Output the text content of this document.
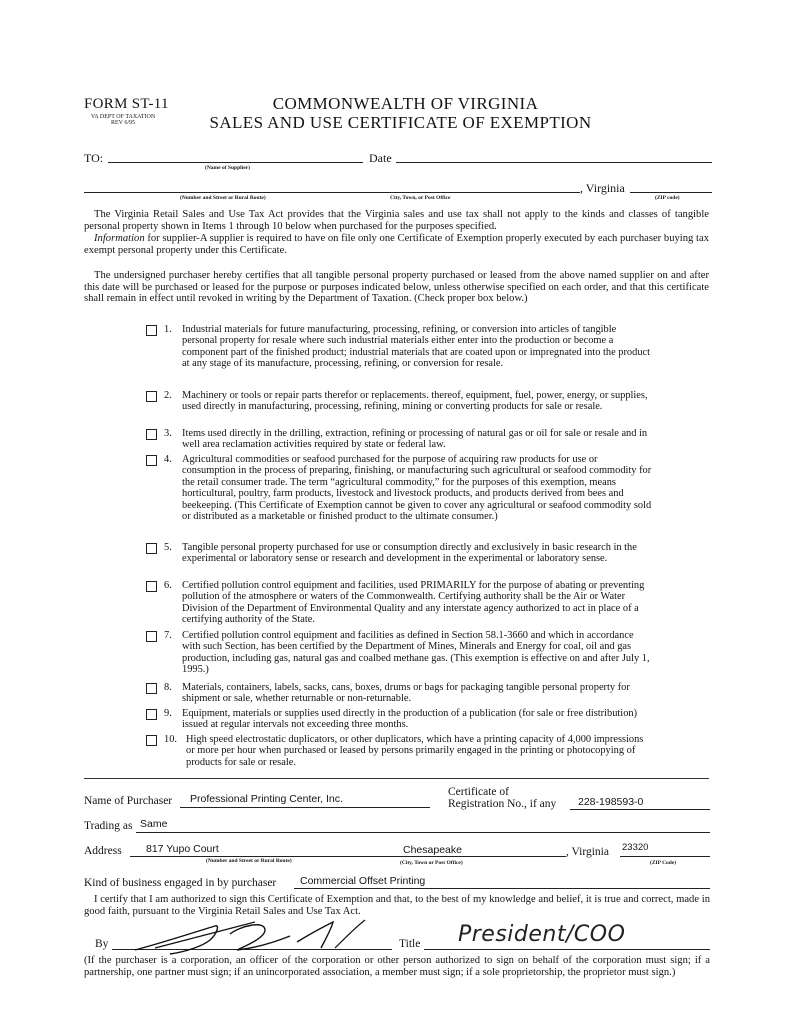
FORM ST-11
VA DEPT OF TAXATION
REV 6/95
COMMONWEALTH OF VIRGINIA
SALES AND USE CERTIFICATE OF EXEMPTION
TO:
(Name of Supplier)
Date
(Number and Street or Rural Route)	City, Town, or Post Office
, Virginia
(ZIP code)
The Virginia Retail Sales and Use Tax Act provides that the Virginia sales and use tax shall not apply to the kinds and classes of tangible personal property shown in Items 1 through 10 below when purchased for the purposes specified.
Information for supplier-A supplier is required to have on file only one Certificate of Exemption properly executed by each purchaser buying tax exempt personal property under this Certificate.
The undersigned purchaser hereby certifies that all tangible personal property purchased or leased from the above named supplier on and after this date will be purchased or leased for the purpose or purposes indicated below, unless otherwise specified on each order, and that this certificate shall remain in effect until revoked in writing by the Department of Taxation. (Check proper box below.)
1. Industrial materials for future manufacturing, processing, refining, or conversion into articles of tangible personal property for resale where such industrial materials either enter into the production or become a component part of the finished product; industrial materials that are coated upon or impregnated into the product at any stage of its manufacture, processing, refining, or conversion for resale.
2. Machinery or tools or repair parts therefor or replacements. thereof, equipment, fuel, power, energy, or supplies, used directly in manufacturing, processing, refining, mining or converting products for sale or resale.
3. Items used directly in the drilling, extraction, refining or processing of natural gas or oil for sale or resale and in well area reclamation activities required by state or federal law.
4. Agricultural commodities or seafood purchased for the purpose of acquiring raw products for use or consumption in the process of preparing, finishing, or manufacturing such agricultural or seafood commodity for the retail consumer trade. The term “agricultural commodity,” for the purposes of this exemption, means horticultural, poultry, farm products, livestock and livestock products, and products derived from bees and beekeeping. (This Certificate of Exemption cannot be given to cover any agricultural or seafood commodity sold or distributed as a marketable or finished product to the ultimate consumer.)
5. Tangible personal property purchased for use or consumption directly and exclusively in basic research in the experimental or laboratory sense or research and development in the experimental or laboratory sense.
6. Certified pollution control equipment and facilities, used PRIMARILY for the purpose of abating or preventing pollution of the atmosphere or waters of the Commonwealth. Certifying authority shall be the Air or Water Division of the Department of Environmental Quality and any interstate agency authorized to act in place of a certifying authority of the State.
7. Certified pollution control equipment and facilities as defined in Section 58.1-3660 and which in accordance with such Section, has been certified by the Department of Mines, Minerals and Energy for coal, oil and gas production, including gas, natural gas and coalbed methane gas. (This exemption is effective on and after July 1, 1995.)
8. Materials, containers, labels, sacks, cans, boxes, drums or bags for packaging tangible personal property for shipment or sale, whether returnable or non-returnable.
9. Equipment, materials or supplies used directly in the production of a publication (for sale or free distribution) issued at regular intervals not exceeding three months.
10. High speed electrostatic duplicators, or other duplicators, which have a printing capacity of 4,000 impressions or more per hour when purchased or leased by persons primarily engaged in the printing or photocopying of products for sale or resale.
Name of Purchaser Professional Printing Center, Inc.
Certificate of
Registration No., if any 228-198593-0
Trading as Same
Address 817 Yupo Court	Chesapeake	, Virginia 23320
(Number and Street or Rural Route)	(City, Town or Post Office)	(ZIP Code)
Kind of business engaged in by purchaser Commercial Offset Printing
I certify that I am authorized to sign this Certificate of Exemption and that, to the best of my knowledge and belief, it is true and correct, made in good faith, pursuant to the Virginia Retail Sales and Use Tax Act.
By	Title President/COO
(If the purchaser is a corporation, an officer of the corporation or other person authorized to sign on behalf of the corporation must sign; if a partnership, one partner must sign; if an unincorporated association, a member must sign; if a sole proprietorship, the proprietor must sign.)
